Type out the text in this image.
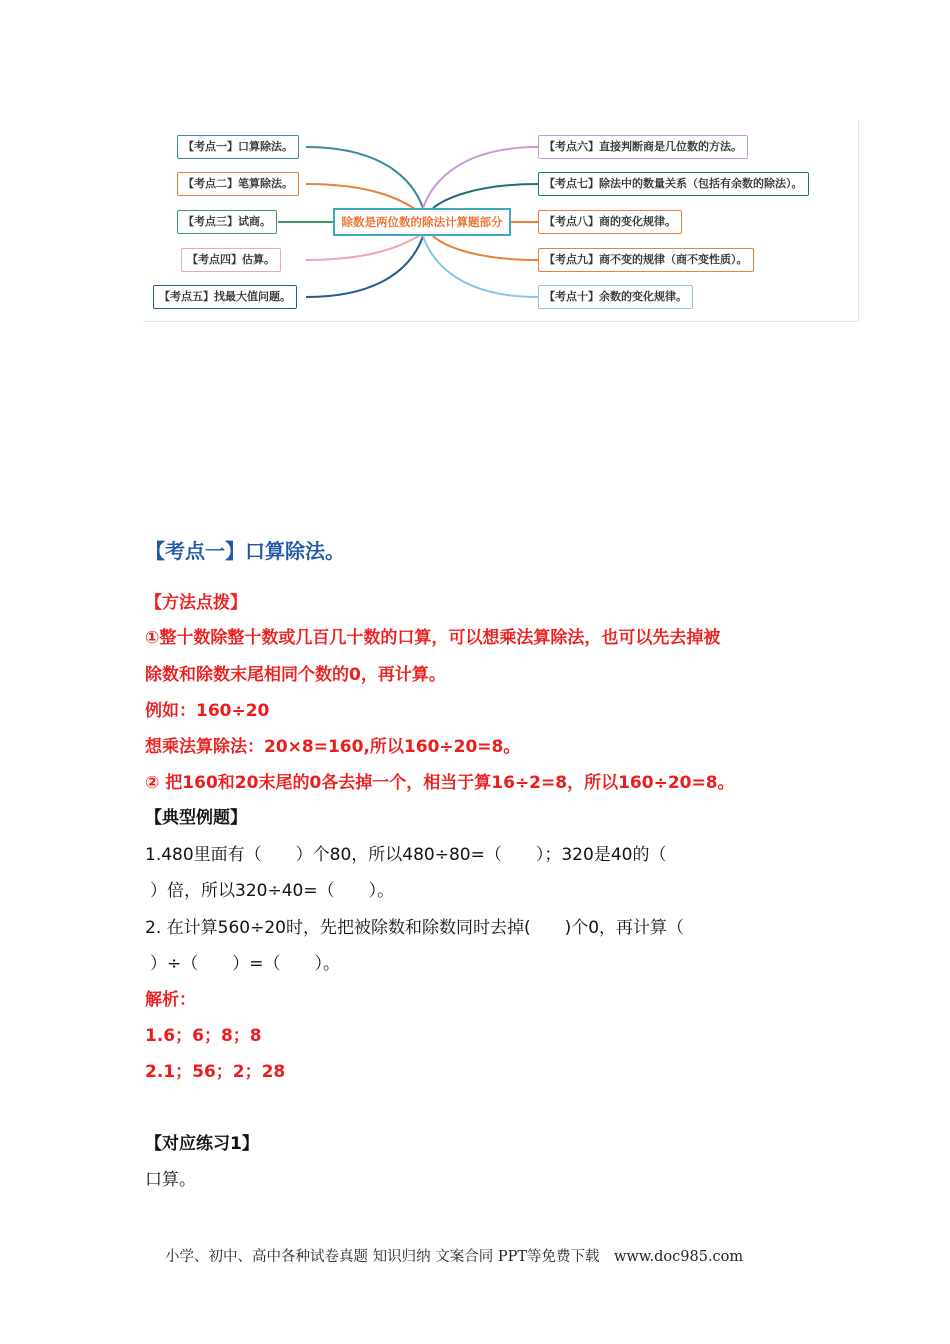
除数是两位数的除法计算题部分
【考点一】口算除法。
【考点二】笔算除法。
【考点三】试商。
【考点四】估算。
【考点五】找最大值问题。
【考点六】直接判断商是几位数的方法。
【考点七】除法中的数量关系（包括有余数的除法）。
【考点八】商的变化规律。
【考点九】商不变的规律（商不变性质）。
【考点十】余数的变化规律。
【考点一】口算除法。
【方法点拨】
①整十数除整十数或几百几十数的口算，可以想乘法算除法，也可以先去掉被
除数和除数末尾相同个数的0，再计算。
例如：160÷20
想乘法算除法：20×8=160,所以160÷20=8。
② 把160和20末尾的0各去掉一个，相当于算16÷2=8，所以160÷20=8。
【典型例题】
1.480里面有（　　）个80，所以480÷80=（　　）；320是40的（
）倍，所以320÷40=（　　）。
2. 在计算560÷20时，先把被除数和除数同时去掉(　　)个0，再计算（
）÷（　　）=（　　）。
解析：
1.6；6；8；8
2.1；56；2；28
【对应练习1】
口算。
小学、初中、高中各种试卷真题 知识归纳 文案合同 PPT等免费下载　www.doc985.com
